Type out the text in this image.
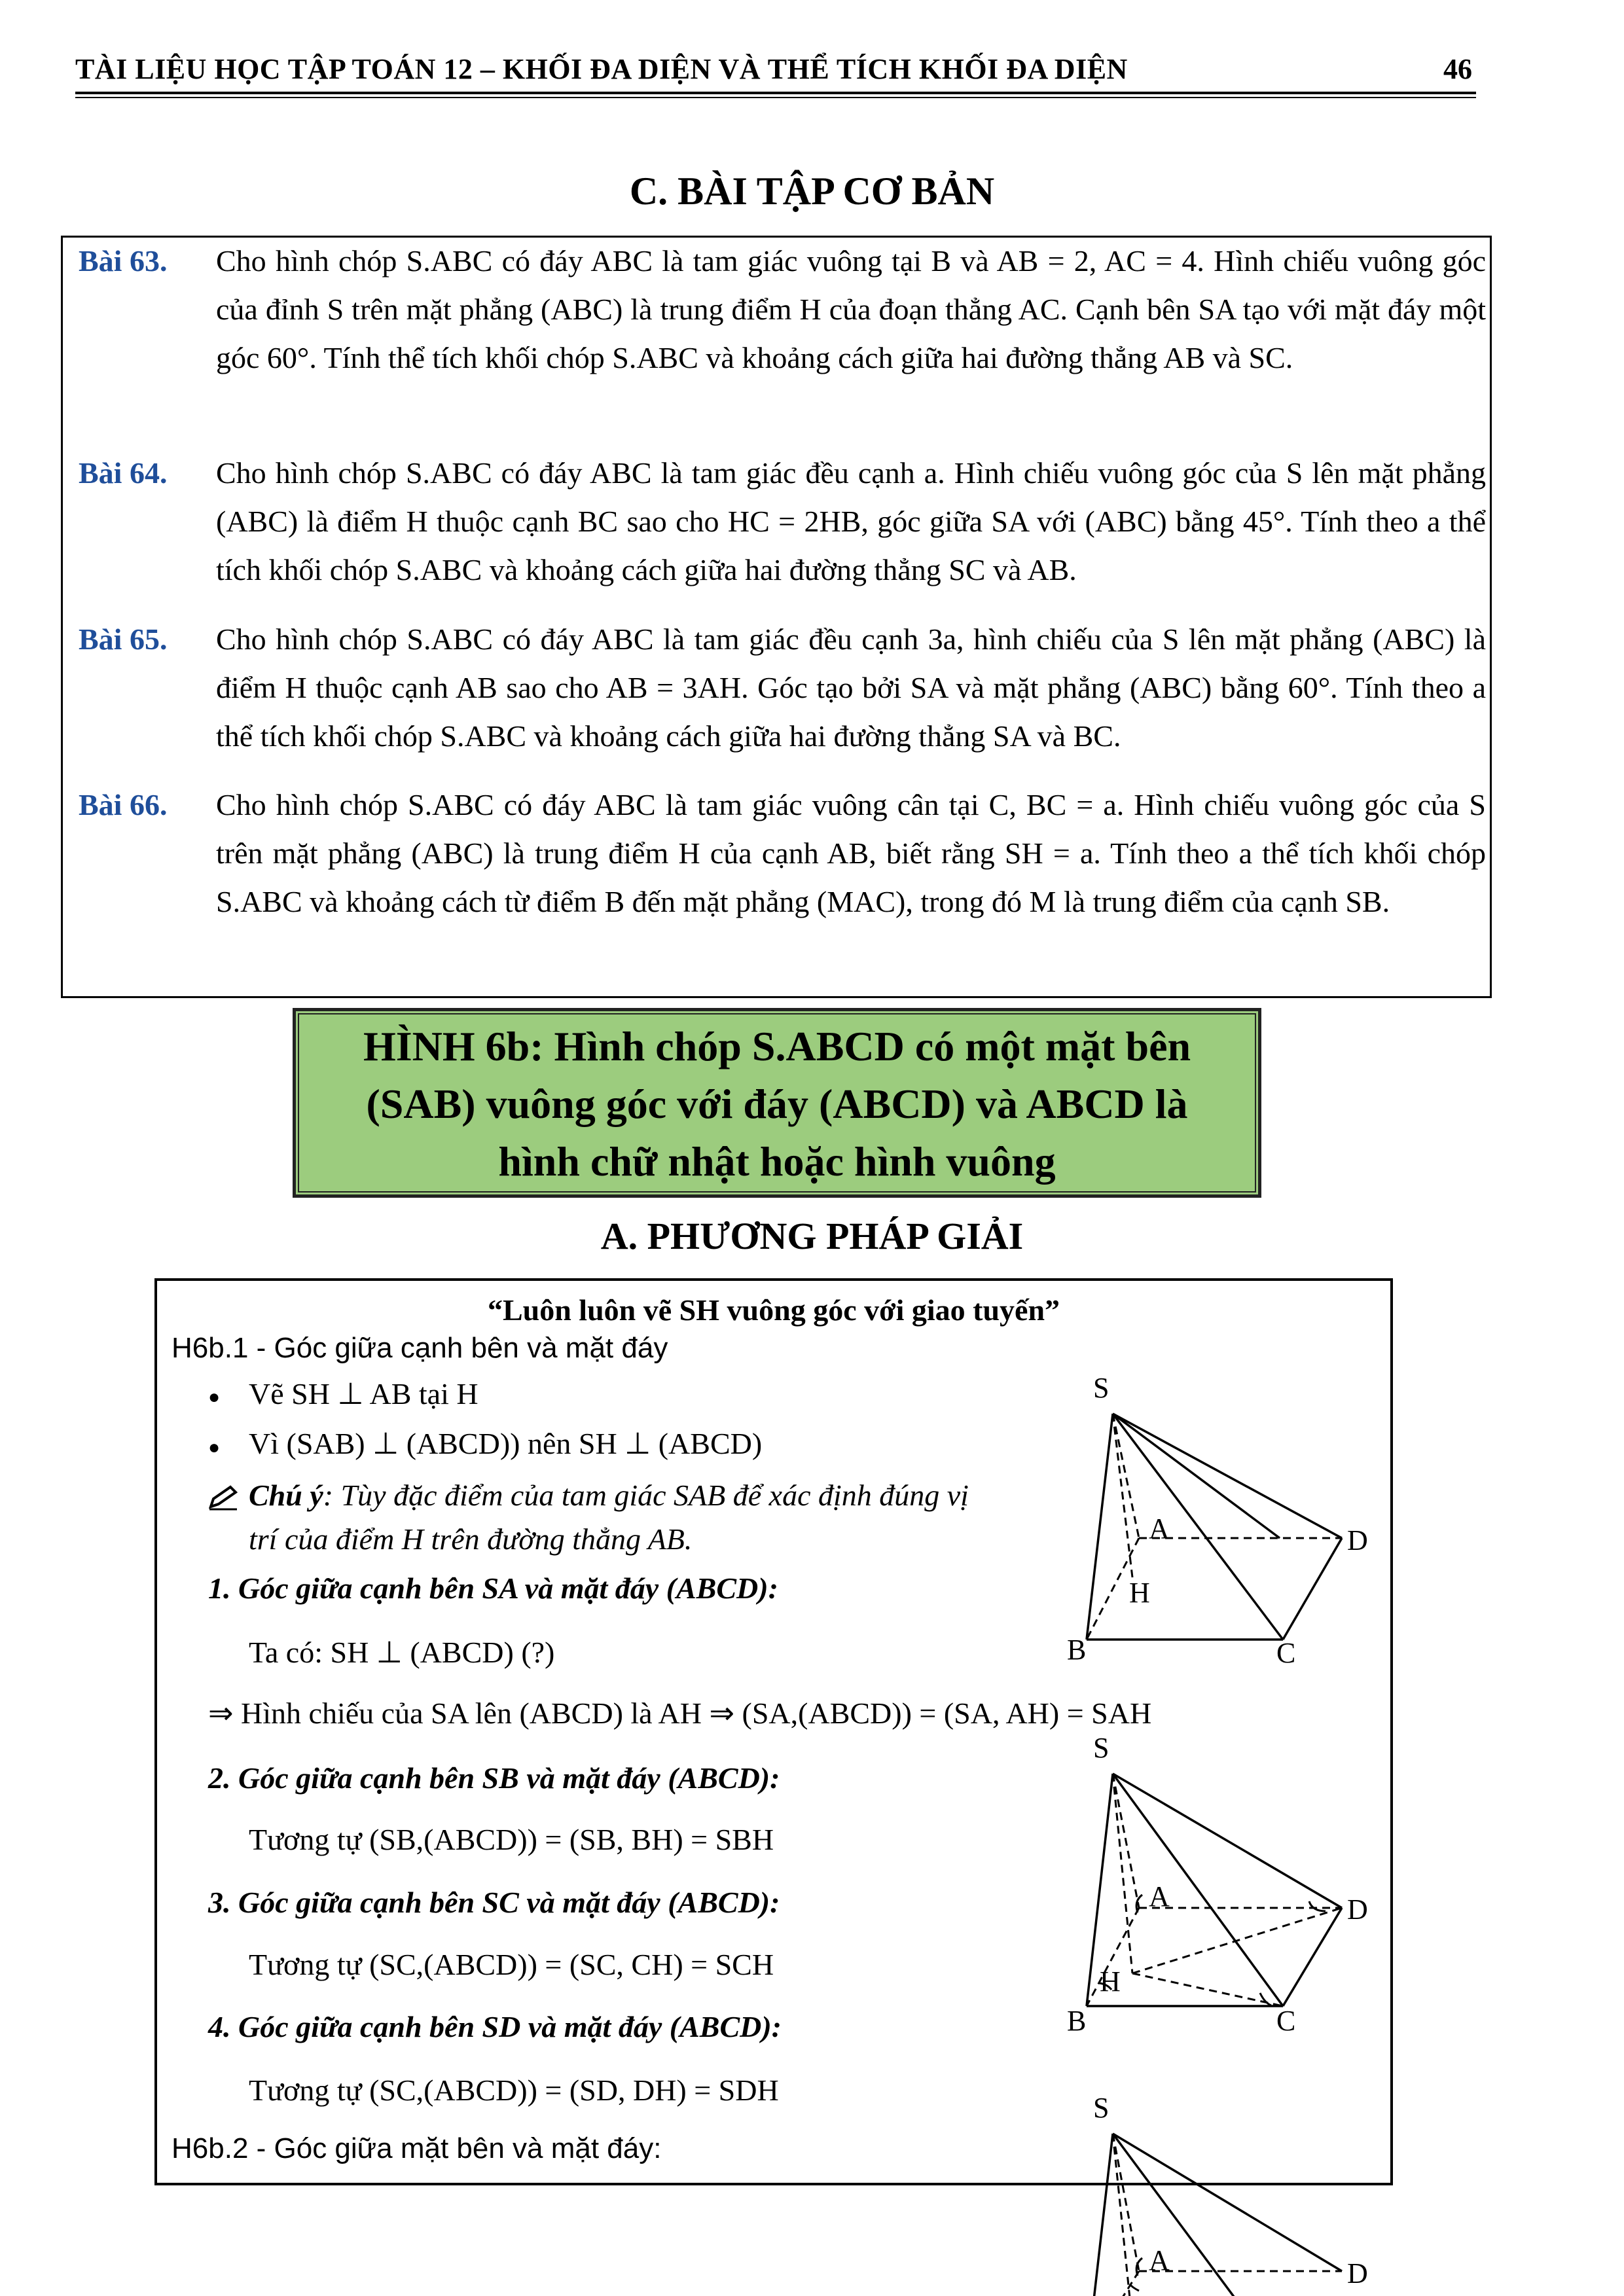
TÀI LIỆU HỌC TẬP TOÁN 12 – KHỐI ĐA DIỆN VÀ THỂ TÍCH KHỐI ĐA DIỆN	46
C. BÀI TẬP CƠ BẢN
Bài 63. Cho hình chóp S.ABC có đáy ABC là tam giác vuông tại B và AB = 2, AC = 4. Hình chiếu vuông góc của đỉnh S trên mặt phẳng (ABC) là trung điểm H của đoạn thẳng AC. Cạnh bên SA tạo với mặt đáy một góc 60°. Tính thể tích khối chóp S.ABC và khoảng cách giữa hai đường thẳng AB và SC.
Bài 64. Cho hình chóp S.ABC có đáy ABC là tam giác đều cạnh a. Hình chiếu vuông góc của S lên mặt phẳng (ABC) là điểm H thuộc cạnh BC sao cho HC = 2HB, góc giữa SA với (ABC) bằng 45°. Tính theo a thể tích khối chóp S.ABC và khoảng cách giữa hai đường thẳng SC và AB.
Bài 65. Cho hình chóp S.ABC có đáy ABC là tam giác đều cạnh 3a, hình chiếu của S lên mặt phẳng (ABC) là điểm H thuộc cạnh AB sao cho AB = 3AH. Góc tạo bởi SA và mặt phẳng (ABC) bằng 60°. Tính theo a thể tích khối chóp S.ABC và khoảng cách giữa hai đường thẳng SA và BC.
Bài 66. Cho hình chóp S.ABC có đáy ABC là tam giác vuông cân tại C, BC = a. Hình chiếu vuông góc của S trên mặt phẳng (ABC) là trung điểm H của cạnh AB, biết rằng SH = a. Tính theo a thể tích khối chóp S.ABC và khoảng cách từ điểm B đến mặt phẳng (MAC), trong đó M là trung điểm của cạnh SB.
HÌNH 6b: Hình chóp S.ABCD có một mặt bên
(SAB) vuông góc với đáy (ABCD) và ABCD là
hình chữ nhật hoặc hình vuông
A. PHƯƠNG PHÁP GIẢI
“Luôn luôn vẽ SH vuông góc với giao tuyến”
H6b.1 - Góc giữa cạnh bên và mặt đáy
● Vẽ SH ⊥ AB tại H
● Vì (SAB) ⊥ (ABCD)) nên SH ⊥ (ABCD)
Chú ý: Tùy đặc điểm của tam giác SAB để xác định đúng vị
trí của điểm H trên đường thẳng AB.
1. Góc giữa cạnh bên SA và mặt đáy (ABCD):
Ta có: SH ⊥ (ABCD) (?)
⇒ Hình chiếu của SA lên (ABCD) là AH ⇒ (SA,(ABCD)) = (SA, AH) = SAH
2. Góc giữa cạnh bên SB và mặt đáy (ABCD):
Tương tự (SB,(ABCD)) = (SB, BH) = SBH
3. Góc giữa cạnh bên SC và mặt đáy (ABCD):
Tương tự (SC,(ABCD)) = (SC, CH) = SCH
4. Góc giữa cạnh bên SD và mặt đáy (ABCD):
Tương tự (SC,(ABCD)) = (SD, DH) = SDH
H6b.2 - Góc giữa mặt bên và mặt đáy:
S
A	D
H
B	C
S
A	D
H
B	C
S
A	D
